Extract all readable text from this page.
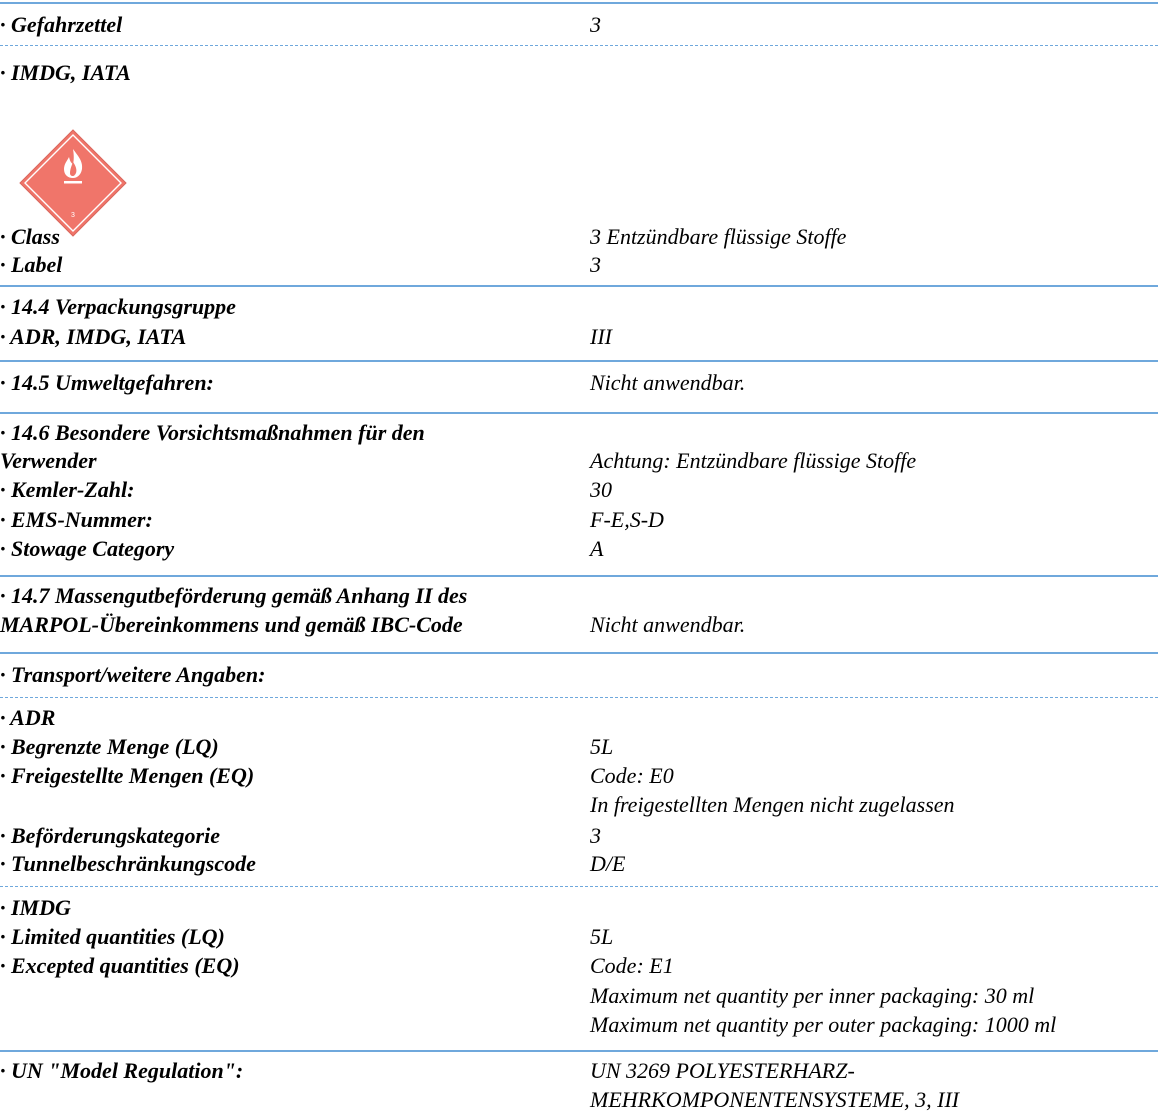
· Gefahrzettel	3
· IMDG, IATA
3
· Class	3 Entzündbare flüssige Stoffe
· Label	3
· 14.4 Verpackungsgruppe
· ADR, IMDG, IATA	III
· 14.5 Umweltgefahren:	Nicht anwendbar.
· 14.6 Besondere Vorsichtsmaßnahmen für den
Verwender	Achtung: Entzündbare flüssige Stoffe
· Kemler-Zahl:	30
· EMS-Nummer:	F-E,S-D
· Stowage Category	A
· 14.7 Massengutbeförderung gemäß Anhang II des
MARPOL-Übereinkommens und gemäß IBC-Code	Nicht anwendbar.
· Transport/weitere Angaben:
· ADR
· Begrenzte Menge (LQ)	5L
· Freigestellte Mengen (EQ)	Code: E0
In freigestellten Mengen nicht zugelassen
· Beförderungskategorie	3
· Tunnelbeschränkungscode	D/E
· IMDG
· Limited quantities (LQ)	5L
· Excepted quantities (EQ)	Code: E1
Maximum net quantity per inner packaging: 30 ml
Maximum net quantity per outer packaging: 1000 ml
· UN "Model Regulation":	UN 3269 POLYESTERHARZ-
MEHRKOMPONENTENSYSTEME, 3, III
